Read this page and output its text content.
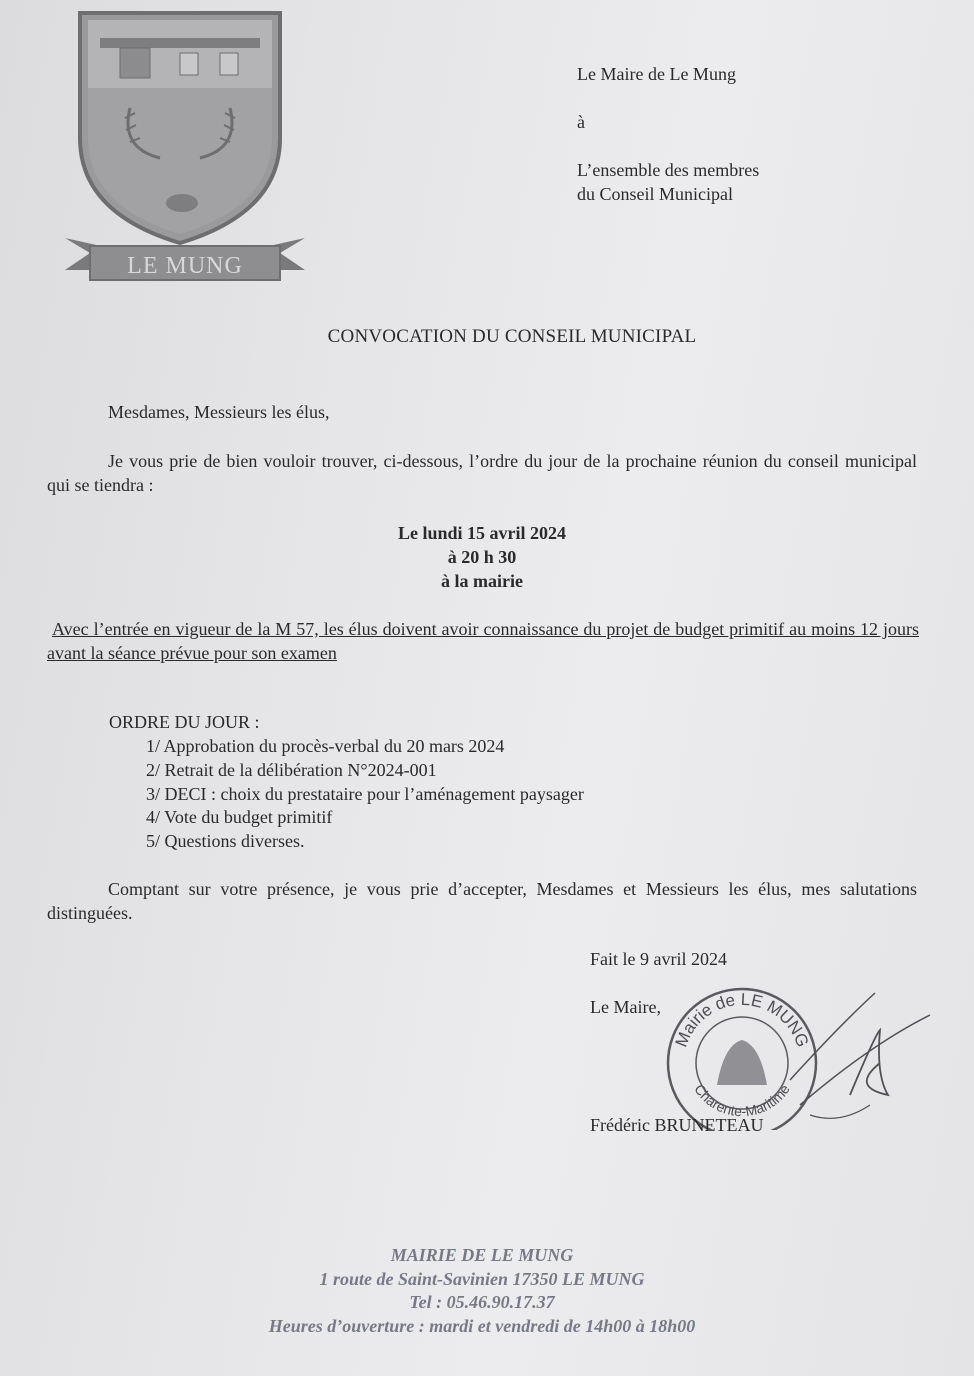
LE MUNG
Le Maire de Le Mung
à
L’ensemble des membres
du Conseil Municipal
CONVOCATION DU CONSEIL MUNICIPAL
Mesdames, Messieurs les élus,
Je vous prie de bien vouloir trouver, ci-dessous, l’ordre du jour de la prochaine réunion du conseil municipal qui se tiendra :
Le lundi 15 avril 2024
à 20 h 30
à la mairie
Avec l’entrée en vigueur de la M 57, les élus doivent avoir connaissance du projet de budget primitif au moins 12 jours avant la séance prévue pour son examen
ORDRE DU JOUR :
1/ Approbation du procès-verbal du 20 mars 2024
2/ Retrait de la délibération N°2024-001
3/ DECI : choix du prestataire pour l’aménagement paysager
4/ Vote du budget primitif
5/ Questions diverses.
Comptant sur votre présence, je vous prie d’accepter, Mesdames et Messieurs les élus, mes salutations distinguées.
Fait le 9 avril 2024
Le Maire,
Mairie de LE MUNG
Charente-Maritime
Frédéric BRUNETEAU
MAIRIE DE LE MUNG
1 route de Saint-Savinien 17350 LE MUNG
Tel : 05.46.90.17.37
Heures d’ouverture : mardi et vendredi de 14h00 à 18h00
